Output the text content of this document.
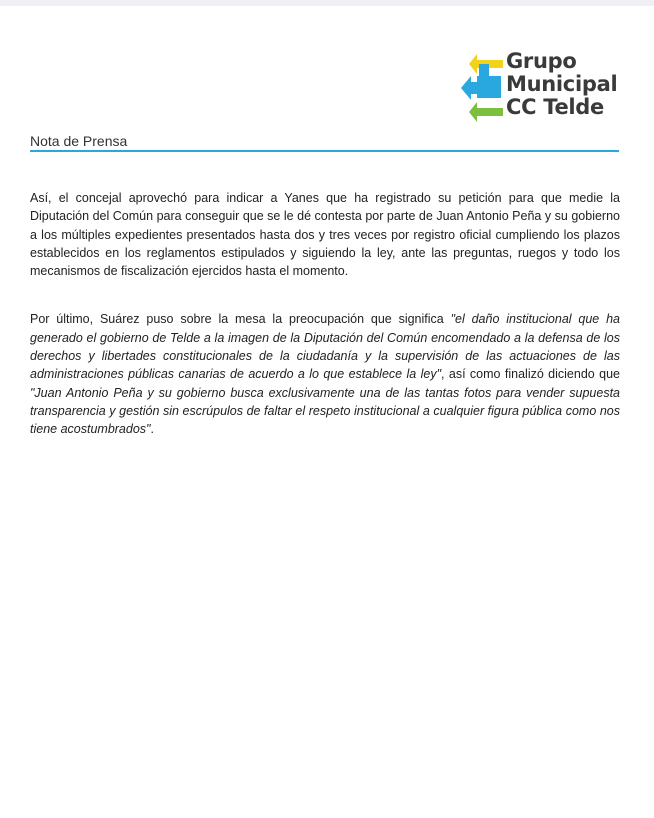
Grupo
Municipal
CC Telde
Nota de Prensa

Así, el concejal aprovechó para indicar a Yanes que ha registrado su petición para que medie la Diputación del Común para conseguir que se le dé contesta por parte de Juan Antonio Peña y su gobierno a los múltiples expedientes presentados hasta dos y tres veces por registro oficial cumpliendo los plazos establecidos en los reglamentos estipulados y siguiendo la ley, ante las preguntas, ruegos y todo los mecanismos de fiscalización ejercidos hasta el momento.

Por último, Suárez puso sobre la mesa la preocupación que significa "el daño institucional que ha generado el gobierno de Telde a la imagen de la Diputación del Común encomendado a la defensa de los derechos y libertades constitucionales de la ciudadanía y la supervisión de las actuaciones de las administraciones públicas canarias de acuerdo a lo que establece la ley", así como finalizó diciendo que "Juan Antonio Peña y su gobierno busca exclusivamente una de las tantas fotos para vender supuesta transparencia y gestión sin escrúpulos de faltar el respeto institucional a cualquier figura pública como nos tiene acostumbrados".
